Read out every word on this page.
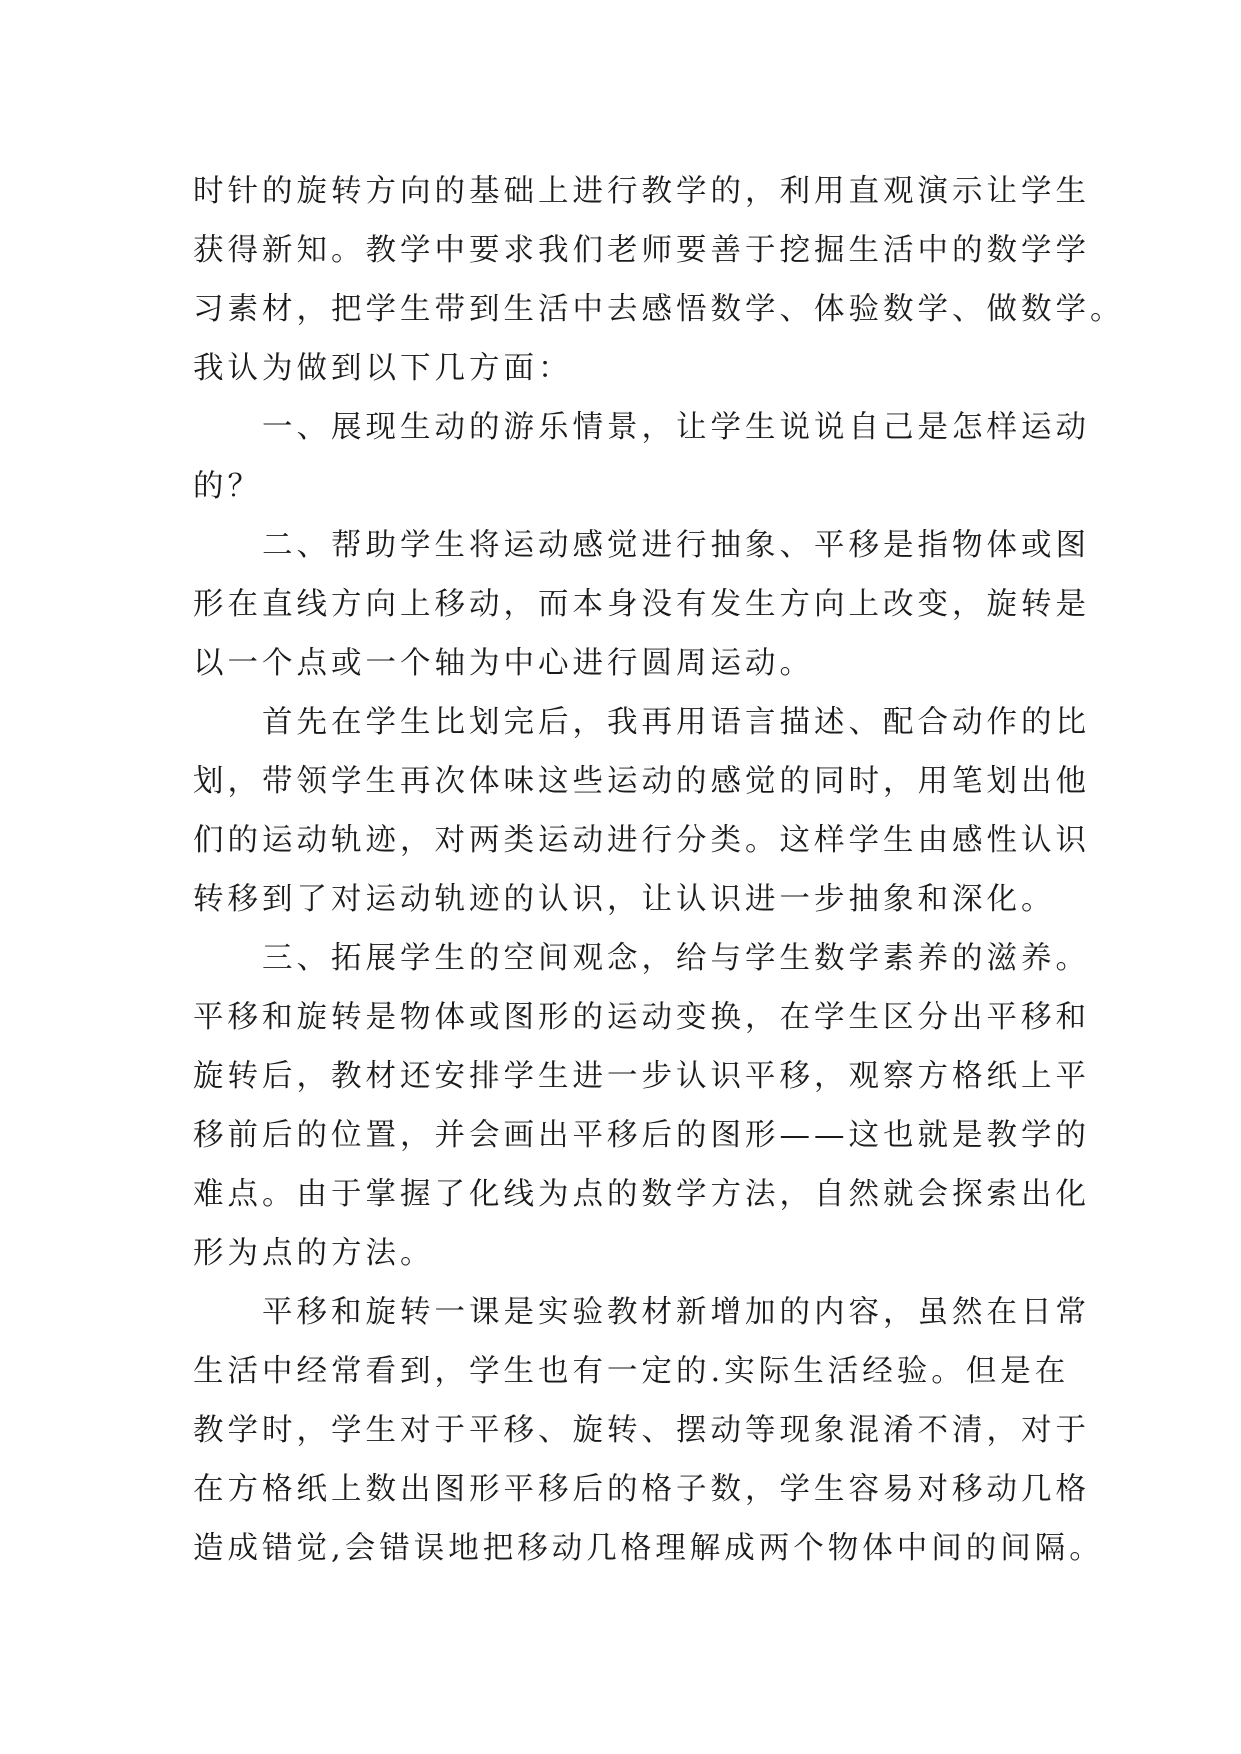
时针的旋转方向的基础上进行教学的，利用直观演示让学生
获得新知。教学中要求我们老师要善于挖掘生活中的数学学
习素材，把学生带到生活中去感悟数学、体验数学、做数学。
我认为做到以下几方面：
　　一、展现生动的游乐情景，让学生说说自己是怎样运动
的？
　　二、帮助学生将运动感觉进行抽象、平移是指物体或图
形在直线方向上移动，而本身没有发生方向上改变，旋转是
以一个点或一个轴为中心进行圆周运动。
　　首先在学生比划完后，我再用语言描述、配合动作的比
划，带领学生再次体味这些运动的感觉的同时，用笔划出他
们的运动轨迹，对两类运动进行分类。这样学生由感性认识
转移到了对运动轨迹的认识，让认识进一步抽象和深化。
　　三、拓展学生的空间观念，给与学生数学素养的滋养。
平移和旋转是物体或图形的运动变换，在学生区分出平移和
旋转后，教材还安排学生进一步认识平移，观察方格纸上平
移前后的位置，并会画出平移后的图形——这也就是教学的
难点。由于掌握了化线为点的数学方法，自然就会探索出化
形为点的方法。
　　平移和旋转一课是实验教材新增加的内容，虽然在日常
生活中经常看到，学生也有一定的.实际生活经验。但是在
教学时，学生对于平移、旋转、摆动等现象混淆不清，对于
在方格纸上数出图形平移后的格子数，学生容易对移动几格
造成错觉,会错误地把移动几格理解成两个物体中间的间隔。
